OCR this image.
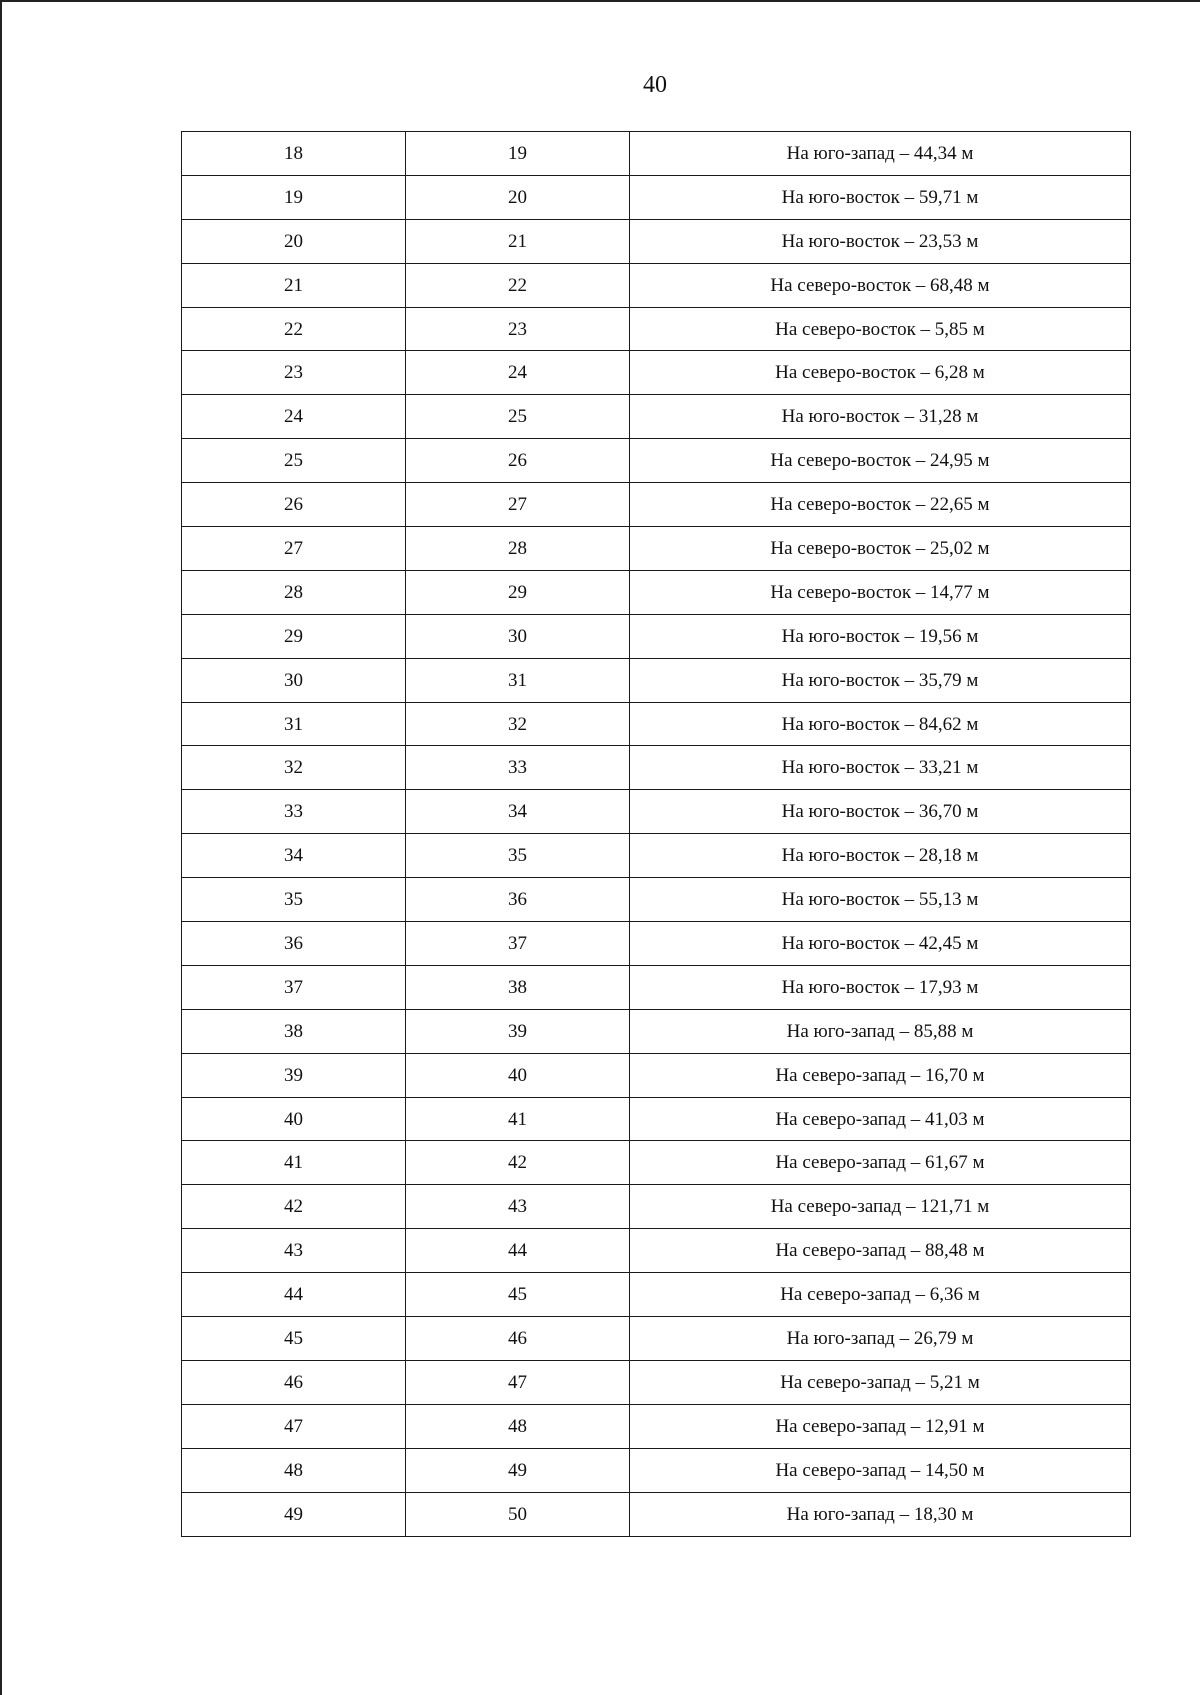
40
18	19	На юго-запад – 44,34 м
19	20	На юго-восток – 59,71 м
20	21	На юго-восток – 23,53 м
21	22	На северо-восток – 68,48 м
22	23	На северо-восток – 5,85 м
23	24	На северо-восток – 6,28 м
24	25	На юго-восток – 31,28 м
25	26	На северо-восток – 24,95 м
26	27	На северо-восток – 22,65 м
27	28	На северо-восток – 25,02 м
28	29	На северо-восток – 14,77 м
29	30	На юго-восток – 19,56 м
30	31	На юго-восток – 35,79 м
31	32	На юго-восток – 84,62 м
32	33	На юго-восток – 33,21 м
33	34	На юго-восток – 36,70 м
34	35	На юго-восток – 28,18 м
35	36	На юго-восток – 55,13 м
36	37	На юго-восток – 42,45 м
37	38	На юго-восток – 17,93 м
38	39	На юго-запад – 85,88 м
39	40	На северо-запад – 16,70 м
40	41	На северо-запад – 41,03 м
41	42	На северо-запад – 61,67 м
42	43	На северо-запад – 121,71 м
43	44	На северо-запад – 88,48 м
44	45	На северо-запад – 6,36 м
45	46	На юго-запад – 26,79 м
46	47	На северо-запад – 5,21 м
47	48	На северо-запад – 12,91 м
48	49	На северо-запад – 14,50 м
49	50	На юго-запад – 18,30 м
